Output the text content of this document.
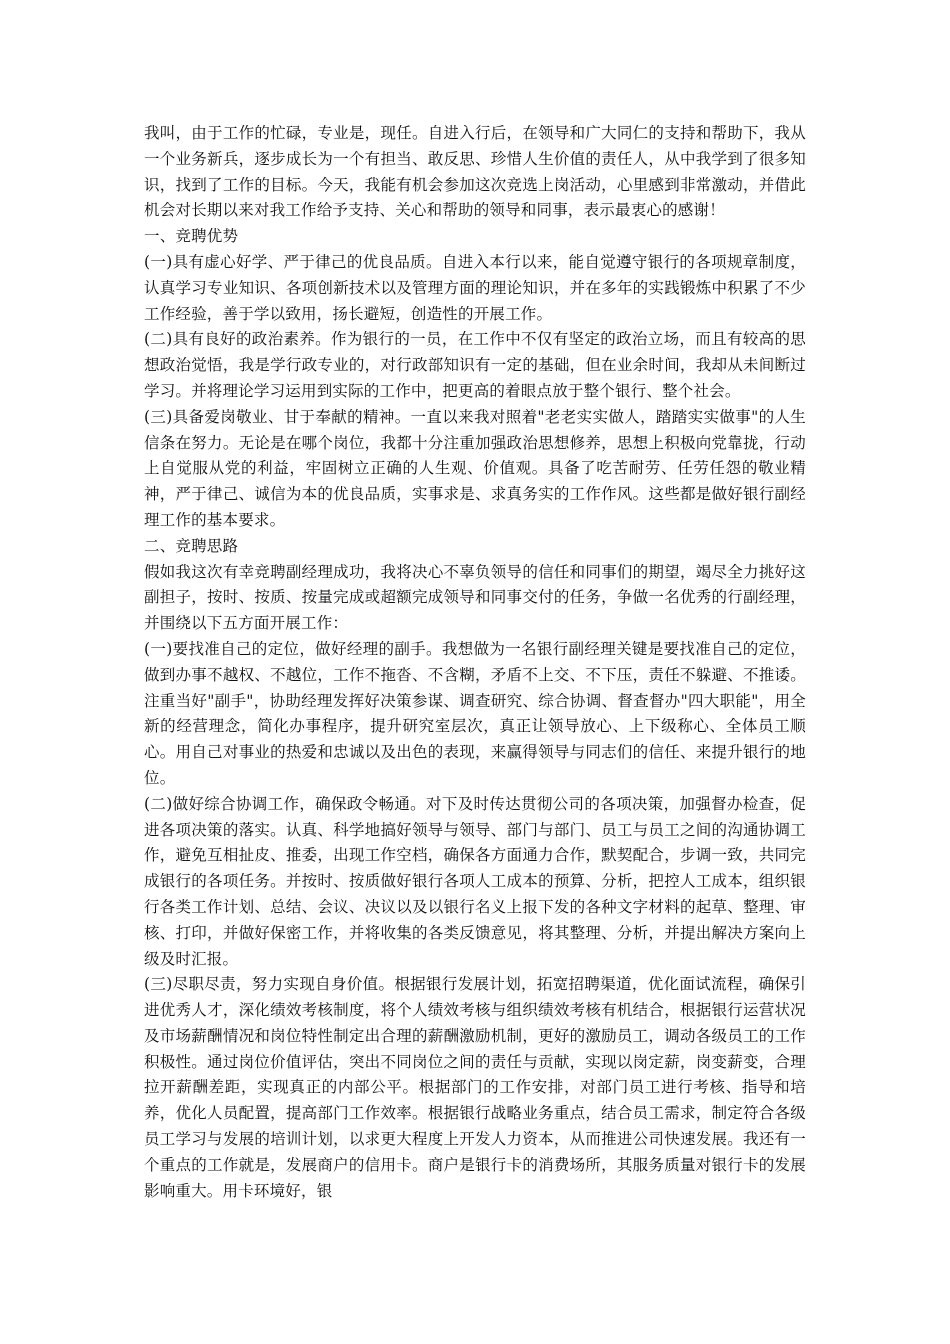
我叫，由于工作的忙碌，专业是，现任。自进入行后，在领导和广大同仁的支持和帮助下，我从一个业务新兵，逐步成长为一个有担当、敢反思、珍惜人生价值的责任人，从中我学到了很多知识，找到了工作的目标。今天，我能有机会参加这次竞选上岗活动，心里感到非常激动，并借此机会对长期以来对我工作给予支持、关心和帮助的领导和同事，表示最衷心的感谢！

一、竞聘优势

(一)具有虚心好学、严于律己的优良品质。自进入本行以来，能自觉遵守银行的各项规章制度，认真学习专业知识、各项创新技术以及管理方面的理论知识，并在多年的实践锻炼中积累了不少工作经验，善于学以致用，扬长避短，创造性的开展工作。

(二)具有良好的政治素养。作为银行的一员，在工作中不仅有坚定的政治立场，而且有较高的思想政治觉悟，我是学行政专业的，对行政部知识有一定的基础，但在业余时间，我却从未间断过学习。并将理论学习运用到实际的工作中，把更高的着眼点放于整个银行、整个社会。

(三)具备爱岗敬业、甘于奉献的精神。一直以来我对照着"老老实实做人，踏踏实实做事"的人生信条在努力。无论是在哪个岗位，我都十分注重加强政治思想修养，思想上积极向党靠拢，行动上自觉服从党的利益，牢固树立正确的人生观、价值观。具备了吃苦耐劳、任劳任怨的敬业精神，严于律己、诚信为本的优良品质，实事求是、求真务实的工作作风。这些都是做好银行副经理工作的基本要求。

二、竞聘思路

假如我这次有幸竞聘副经理成功，我将决心不辜负领导的信任和同事们的期望，竭尽全力挑好这副担子，按时、按质、按量完成或超额完成领导和同事交付的任务，争做一名优秀的行副经理，并围绕以下五方面开展工作：

(一)要找准自己的定位，做好经理的副手。我想做为一名银行副经理关键是要找准自己的定位，做到办事不越权、不越位，工作不拖沓、不含糊，矛盾不上交、不下压，责任不躲避、不推诿。注重当好"副手"，协助经理发挥好决策参谋、调查研究、综合协调、督查督办"四大职能"，用全新的经营理念，简化办事程序，提升研究室层次，真正让领导放心、上下级称心、全体员工顺心。用自己对事业的热爱和忠诚以及出色的表现，来赢得领导与同志们的信任、来提升银行的地位。

(二)做好综合协调工作，确保政令畅通。对下及时传达贯彻公司的各项决策，加强督办检查，促进各项决策的落实。认真、科学地搞好领导与领导、部门与部门、员工与员工之间的沟通协调工作，避免互相扯皮、推委，出现工作空档，确保各方面通力合作，默契配合，步调一致，共同完成银行的各项任务。并按时、按质做好银行各项人工成本的预算、分析，把控人工成本，组织银行各类工作计划、总结、会议、决议以及以银行名义上报下发的各种文字材料的起草、整理、审核、打印，并做好保密工作，并将收集的各类反馈意见，将其整理、分析，并提出解决方案向上级及时汇报。

(三)尽职尽责，努力实现自身价值。根据银行发展计划，拓宽招聘渠道，优化面试流程，确保引进优秀人才，深化绩效考核制度，将个人绩效考核与组织绩效考核有机结合，根据银行运营状况及市场薪酬情况和岗位特性制定出合理的薪酬激励机制，更好的激励员工，调动各级员工的工作积极性。通过岗位价值评估，突出不同岗位之间的责任与贡献，实现以岗定薪，岗变薪变，合理拉开薪酬差距，实现真正的内部公平。根据部门的工作安排，对部门员工进行考核、指导和培养，优化人员配置，提高部门工作效率。根据银行战略业务重点，结合员工需求，制定符合各级员工学习与发展的培训计划，以求更大程度上开发人力资本，从而推进公司快速发展。我还有一个重点的工作就是，发展商户的信用卡。商户是银行卡的消费场所，其服务质量对银行卡的发展影响重大。用卡环境好，银
